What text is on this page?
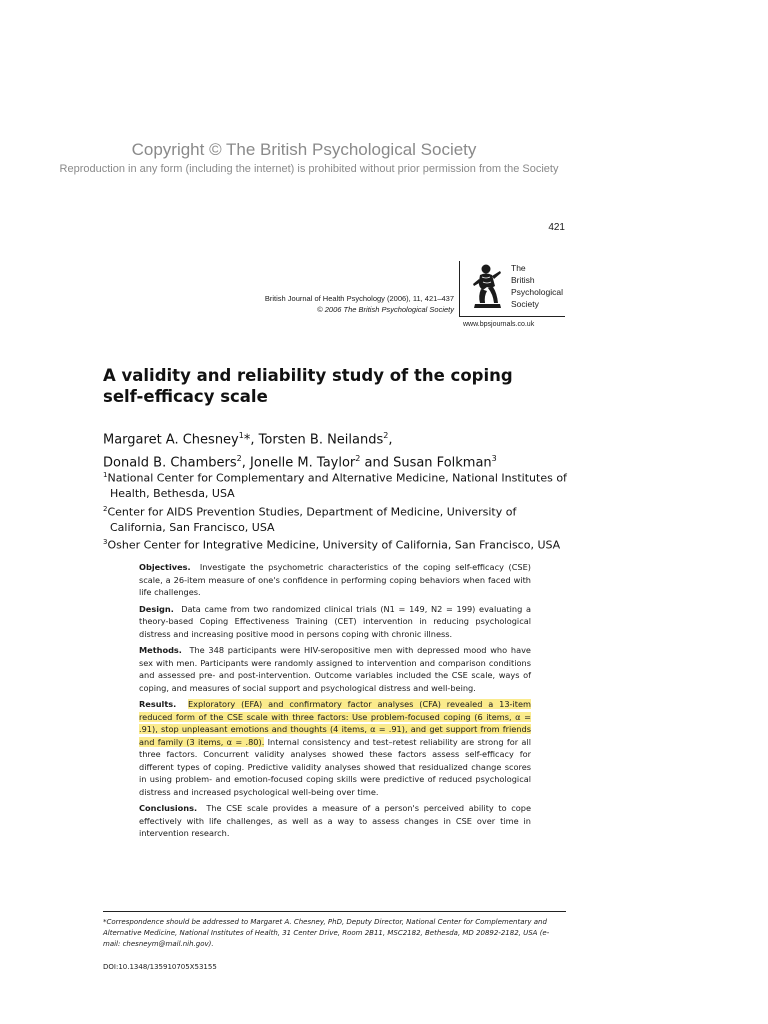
Copyright © The British Psychological Society
Reproduction in any form (including the internet) is prohibited without prior permission from the Society
421
British Journal of Health Psychology (2006), 11, 421–437
© 2006 The British Psychological Society
The
British
Psychological
Society
www.bpsjournals.co.uk
A validity and reliability study of the coping
self-efficacy scale
Margaret A. Chesney$^1$*, Torsten B. Neilands$^2$,
Donald B. Chambers$^2$, Jonelle M. Taylor$^2$ and Susan Folkman$^3$

$^1$National Center for Complementary and Alternative Medicine, National Institutes of Health, Bethesda, USA

$^2$Center for AIDS Prevention Studies, Department of Medicine, University of California, San Francisco, USA

$^3$Osher Center for Integrative Medicine, University of California, San Francisco, USA

Objectives. Investigate the psychometric characteristics of the coping self-efficacy (CSE) scale, a 26-item measure of one's confidence in performing coping behaviors when faced with life challenges.

Design. Data came from two randomized clinical trials (N1 = 149, N2 = 199) evaluating a theory-based Coping Effectiveness Training (CET) intervention in reducing psychological distress and increasing positive mood in persons coping with chronic illness.

Methods. The 348 participants were HIV-seropositive men with depressed mood who have sex with men. Participants were randomly assigned to intervention and comparison conditions and assessed pre- and post-intervention. Outcome variables included the CSE scale, ways of coping, and measures of social support and psychological distress and well-being.

Results. Exploratory (EFA) and confirmatory factor analyses (CFA) revealed a 13-item reduced form of the CSE scale with three factors: Use problem-focused coping (6 items, α = .91), stop unpleasant emotions and thoughts (4 items, α = .91), and get support from friends and family (3 items, α = .80). Internal consistency and test–retest reliability are strong for all three factors. Concurrent validity analyses showed these factors assess self-efficacy for different types of coping. Predictive validity analyses showed that residualized change scores in using problem- and emotion-focused coping skills were predictive of reduced psychological distress and increased psychological well-being over time.

Conclusions. The CSE scale provides a measure of a person's perceived ability to cope effectively with life challenges, as well as a way to assess changes in CSE over time in intervention research.

*Correspondence should be addressed to Margaret A. Chesney, PhD, Deputy Director, National Center for Complementary and Alternative Medicine, National Institutes of Health, 31 Center Drive, Room 2B11, MSC2182, Bethesda, MD 20892-2182, USA (e-mail: chesneym@mail.nih.gov).
DOI:10.1348/135910705X53155
